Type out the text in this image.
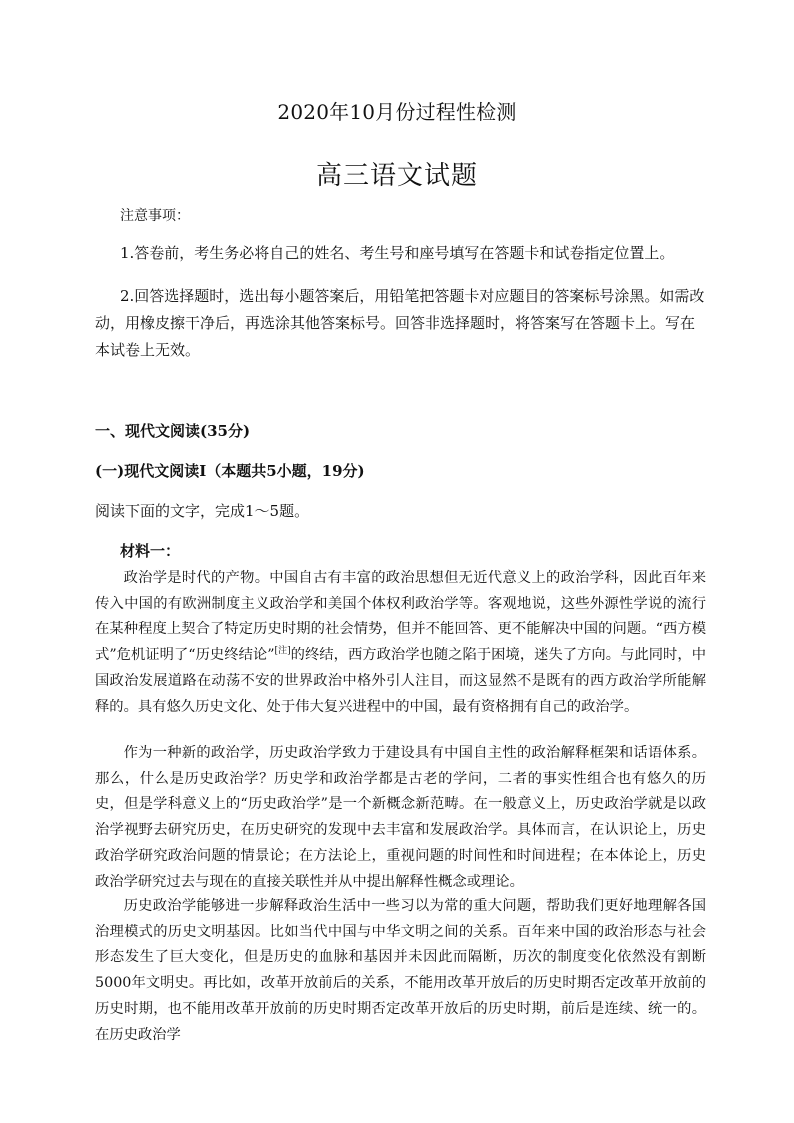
2020年10月份过程性检测
高三语文试题
注意事项：
1.答卷前，考生务必将自己的姓名、考生号和座号填写在答题卡和试卷指定位置上。
2.回答选择题时，选出每小题答案后，用铅笔把答题卡对应题目的答案标号涂黑。如需改动，用橡皮擦干净后，再选涂其他答案标号。回答非选择题时，将答案写在答题卡上。写在本试卷上无效。
一、现代文阅读(35分)
(一)现代文阅读Ⅰ（本题共5小题，19分)
阅读下面的文字，完成1～5题。
材料一：

政治学是时代的产物。中国自古有丰富的政治思想但无近代意义上的政治学科，因此百年来传入中国的有欧洲制度主义政治学和美国个体权利政治学等。客观地说，这些外源性学说的流行在某种程度上契合了特定历史时期的社会情势，但并不能回答、更不能解决中国的问题。“西方模式”危机证明了“历史终结论”[注]的终结，西方政治学也随之陷于困境，迷失了方向。与此同时，中国政治发展道路在动荡不安的世界政治中格外引人注目，而这显然不是既有的西方政治学所能解释的。具有悠久历史文化、处于伟大复兴进程中的中国，最有资格拥有自己的政治学。

作为一种新的政治学，历史政治学致力于建设具有中国自主性的政治解释框架和话语体系。那么，什么是历史政治学？历史学和政治学都是古老的学问，二者的事实性组合也有悠久的历史，但是学科意义上的“历史政治学”是一个新概念新范畴。在一般意义上，历史政治学就是以政治学视野去研究历史，在历史研究的发现中去丰富和发展政治学。具体而言，在认识论上，历史政治学研究政治问题的情景论；在方法论上，重视问题的时间性和时间进程；在本体论上，历史政治学研究过去与现在的直接关联性并从中提出解释性概念或理论。

历史政治学能够进一步解释政治生活中一些习以为常的重大问题，帮助我们更好地理解各国治理模式的历史文明基因。比如当代中国与中华文明之间的关系。百年来中国的政治形态与社会形态发生了巨大变化，但是历史的血脉和基因并未因此而隔断，历次的制度变化依然没有割断5000年文明史。再比如，改革开放前后的关系，不能用改革开放后的历史时期否定改革开放前的历史时期，也不能用改革开放前的历史时期否定改革开放后的历史时期，前后是连续、统一的。在历史政治学
